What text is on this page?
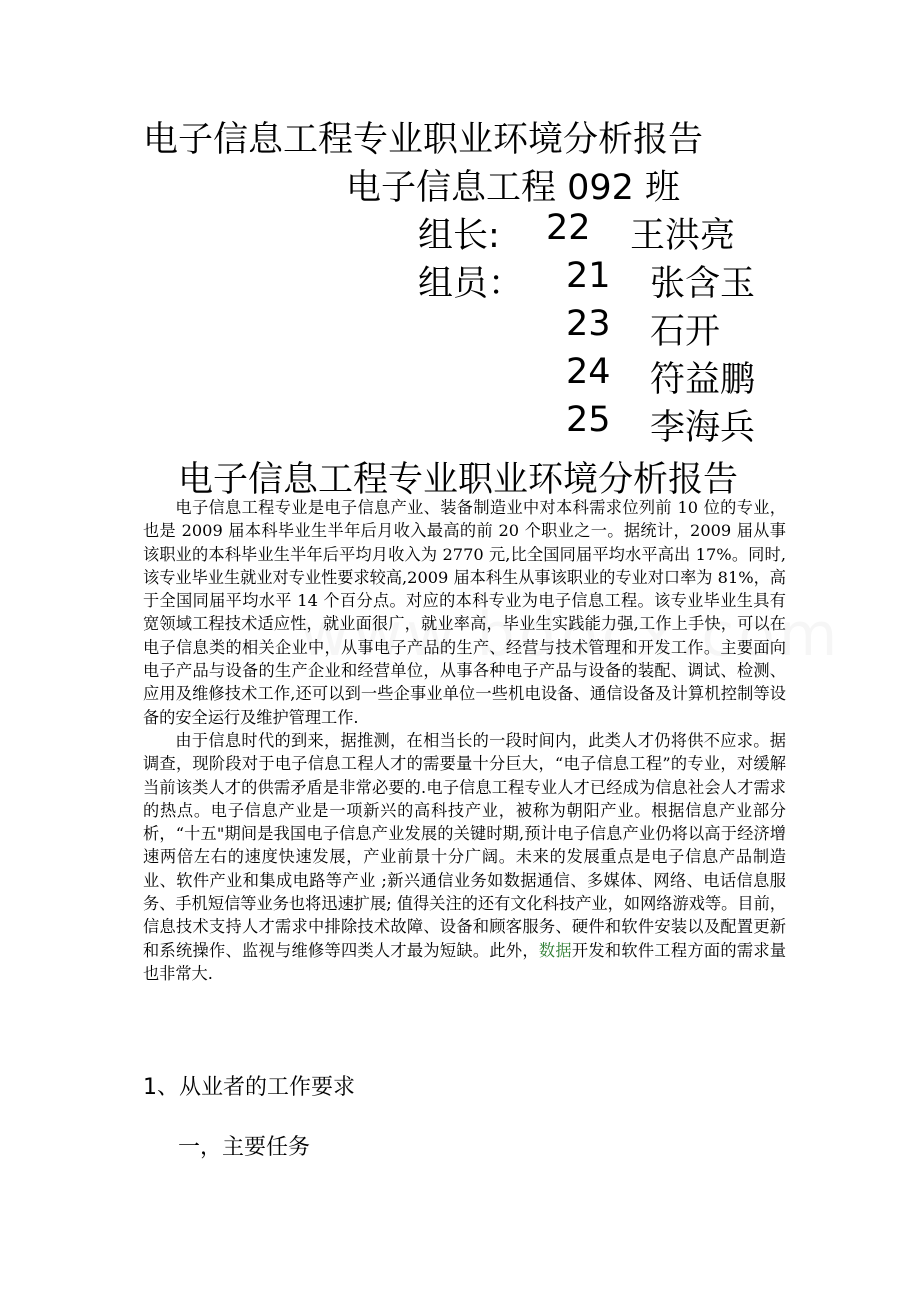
电子信息工程专业职业环境分析报告
电子信息工程 092 班
组长: 22 王洪亮
组员： 21 张含玉
23 石开
24 符益鹏
25 李海兵
电子信息工程专业职业环境分析报告

电子信息工程专业是电子信息产业、装备制造业中对本科需求位列前 10 位的专业，也是 2009 届本科毕业生半年后月收入最高的前 20 个职业之一。据统计，2009 届从事该职业的本科毕业生半年后平均月收入为 2770 元,比全国同届平均水平高出 17%。同时,该专业毕业生就业对专业性要求较高,2009 届本科生从事该职业的专业对口率为 81%，高于全国同届平均水平 14 个百分点。对应的本科专业为电子信息工程。该专业毕业生具有宽领域工程技术适应性，就业面很广，就业率高，毕业生实践能力强,工作上手快，可以在电子信息类的相关企业中，从事电子产品的生产、经营与技术管理和开发工作。主要面向电子产品与设备的生产企业和经营单位，从事各种电子产品与设备的装配、调试、检测、应用及维修技术工作,还可以到一些企事业单位一些机电设备、通信设备及计算机控制等设备的安全运行及维护管理工作.

由于信息时代的到来，据推测，在相当长的一段时间内，此类人才仍将供不应求。据调查，现阶段对于电子信息工程人才的需要量十分巨大，“电子信息工程”的专业，对缓解当前该类人才的供需矛盾是非常必要的.电子信息工程专业人才已经成为信息社会人才需求的热点。电子信息产业是一项新兴的高科技产业，被称为朝阳产业。根据信息产业部分析，“十五"期间是我国电子信息产业发展的关键时期,预计电子信息产业仍将以高于经济增速两倍左右的速度快速发展，产业前景十分广阔。未来的发展重点是电子信息产品制造业、软件产业和集成电路等产业 ;新兴通信业务如数据通信、多媒体、网络、电话信息服务、手机短信等业务也将迅速扩展; 值得关注的还有文化科技产业，如网络游戏等。目前，信息技术支持人才需求中排除技术故障、设备和顾客服务、硬件和软件安装以及配置更新和系统操作、监视与维修等四类人才最为短缺。此外，数据开发和软件工程方面的需求量也非常大.

1、从业者的工作要求
一，主要任务
